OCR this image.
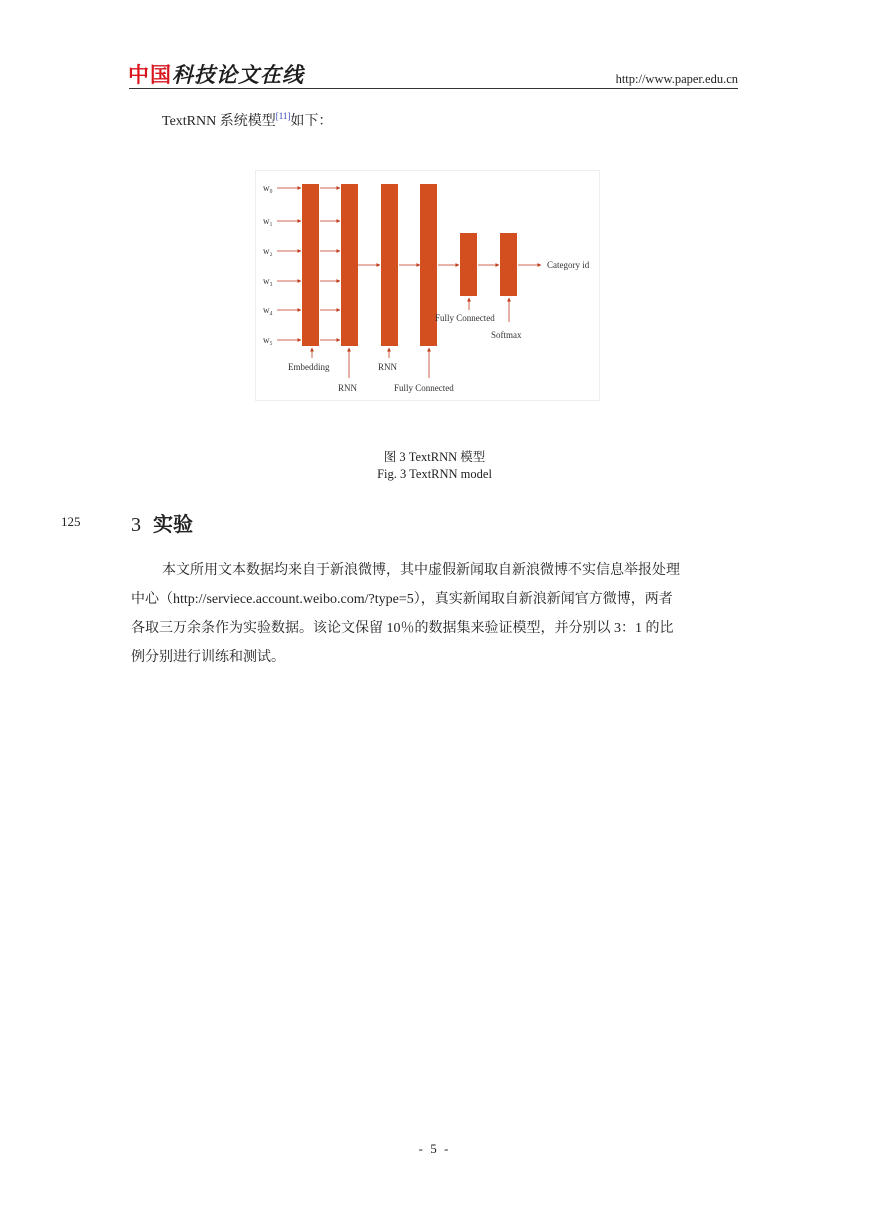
中国科技论文在线	http://www.paper.edu.cn
TextRNN 系统模型[11]如下：
w₀
w₁
w₂
w₃
w₄
w₅
Embedding
RNN
RNN
Fully Connected
Fully Connected
Softmax
Category id
图 3 TextRNN 模型
Fig. 3 TextRNN model
125	3 实验
本文所用文本数据均来自于新浪微博，其中虚假新闻取自新浪微博不实信息举报处理
中心（http://serviece.account.weibo.com/?type=5），真实新闻取自新浪新闻官方微博，两者
各取三万余条作为实验数据。该论文保留 10％的数据集来验证模型，并分别以 3：1 的比
例分别进行训练和测试。
- 5 -
